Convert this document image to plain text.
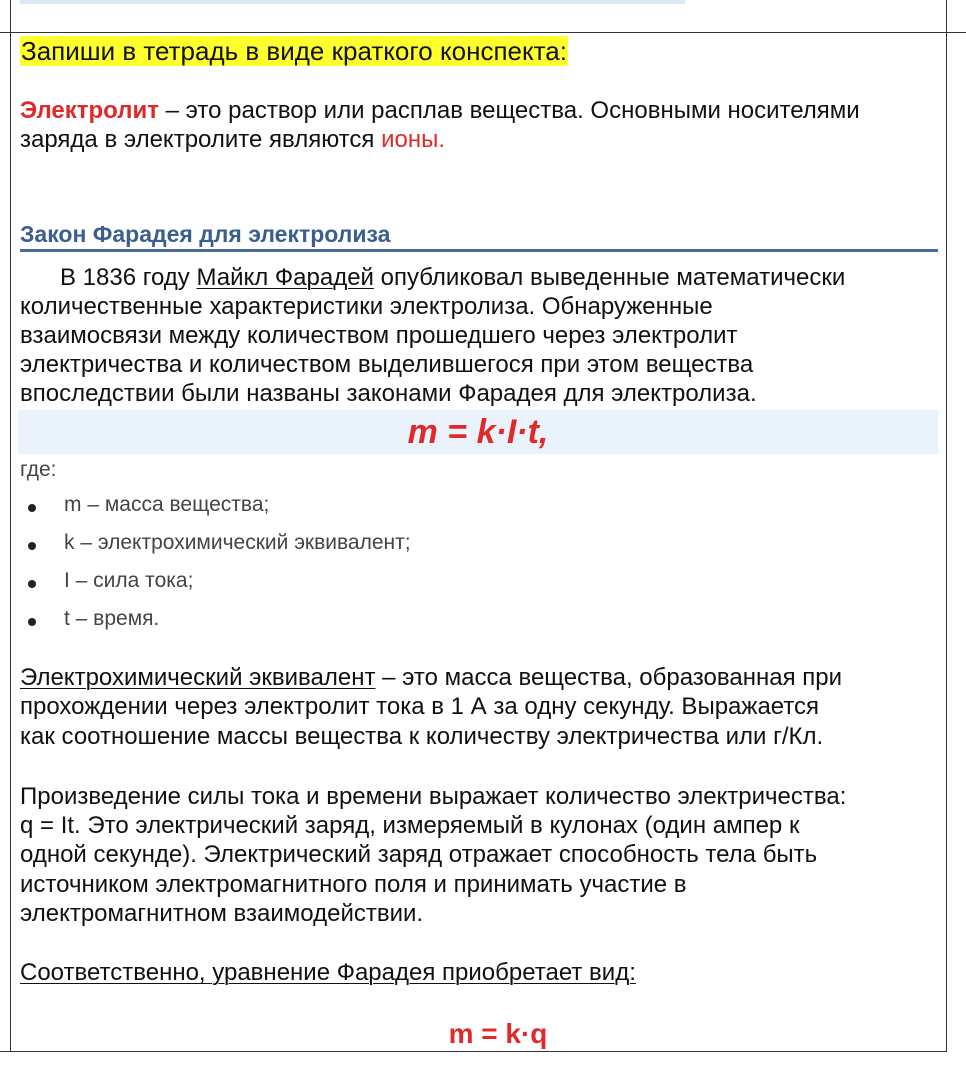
Запиши в тетрадь в виде краткого конспекта:
Электролит – это раствор или расплав вещества. Основными носителями
заряда в электролите являются ионы.
Закон Фарадея для электролиза
В 1836 году Майкл Фарадей опубликовал выведенные математически
количественные характеристики электролиза. Обнаруженные
взаимосвязи между количеством прошедшего через электролит
электричества и количеством выделившегося при этом вещества
впоследствии были названы законами Фарадея для электролиза.
m = k·I·t,
где:
m – масса вещества;
k – электрохимический эквивалент;
I – сила тока;
t – время.
Электрохимический эквивалент – это масса вещества, образованная при
прохождении через электролит тока в 1 А за одну секунду. Выражается
как соотношение массы вещества к количеству электричества или г/Кл.
Произведение силы тока и времени выражает количество электричества:
q = It. Это электрический заряд, измеряемый в кулонах (один ампер к
одной секунде). Электрический заряд отражает способность тела быть
источником электромагнитного поля и принимать участие в
электромагнитном взаимодействии.
Соответственно, уравнение Фарадея приобретает вид:
m = k·q
